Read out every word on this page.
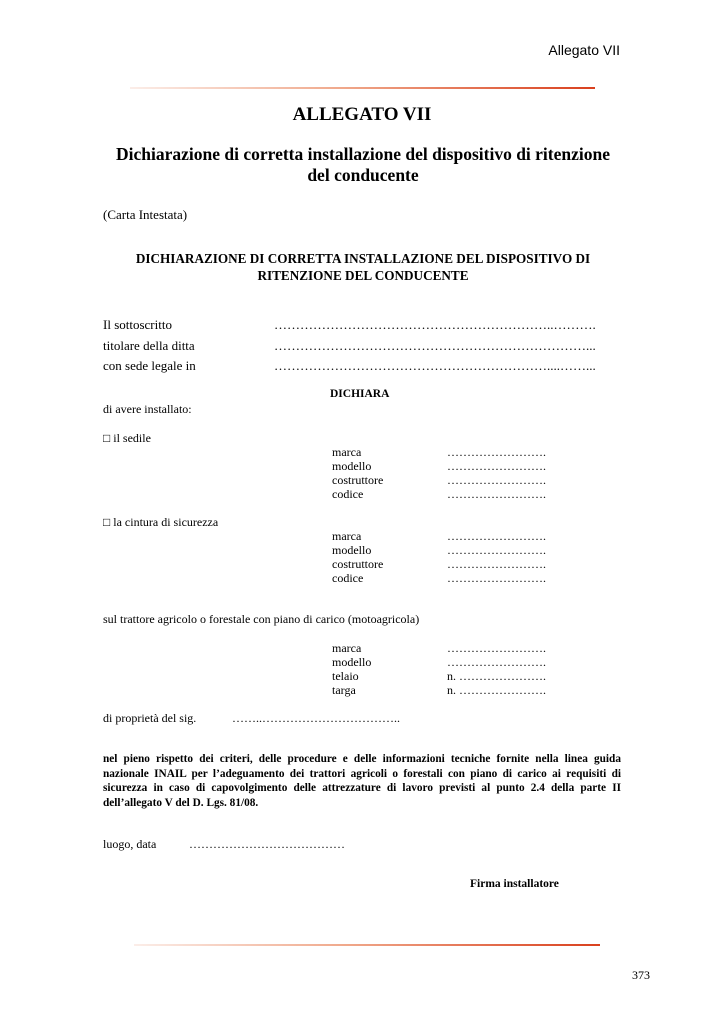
Allegato VII
ALLEGATO VII
Dichiarazione di corretta installazione del dispositivo di ritenzione del conducente
(Carta Intestata)
DICHIARAZIONE DI CORRETTA INSTALLAZIONE DEL DISPOSITIVO DI RITENZIONE DEL CONDUCENTE
Il sottoscritto	………………………………………………………..……….
titolare della ditta	………………………………………………………………...
con sede legale in	………………………………………………………....……...
DICHIARA
di avere installato:
□ il sedile
marca	…………………….
modello	…………………….
costruttore	…………………….
codice	…………………….
□ la cintura di sicurezza
marca	…………………….
modello	…………………….
costruttore	…………………….
codice	…………………….
sul trattore agricolo o forestale con piano di carico (motoagricola)
marca	…………………….
modello	…………………….
telaio	n. ………………….
targa	n. ………………….
di proprietà del sig.	……..……………………………..
nel pieno rispetto dei criteri, delle procedure e delle informazioni tecniche fornite nella linea guida nazionale INAIL per l’adeguamento dei trattori agricoli o forestali con piano di carico ai requisiti di sicurezza in caso di capovolgimento delle attrezzature di lavoro previsti al punto 2.4 della parte II dell’allegato V del D. Lgs. 81/08.
luogo, data	…………………………………
Firma installatore
373
